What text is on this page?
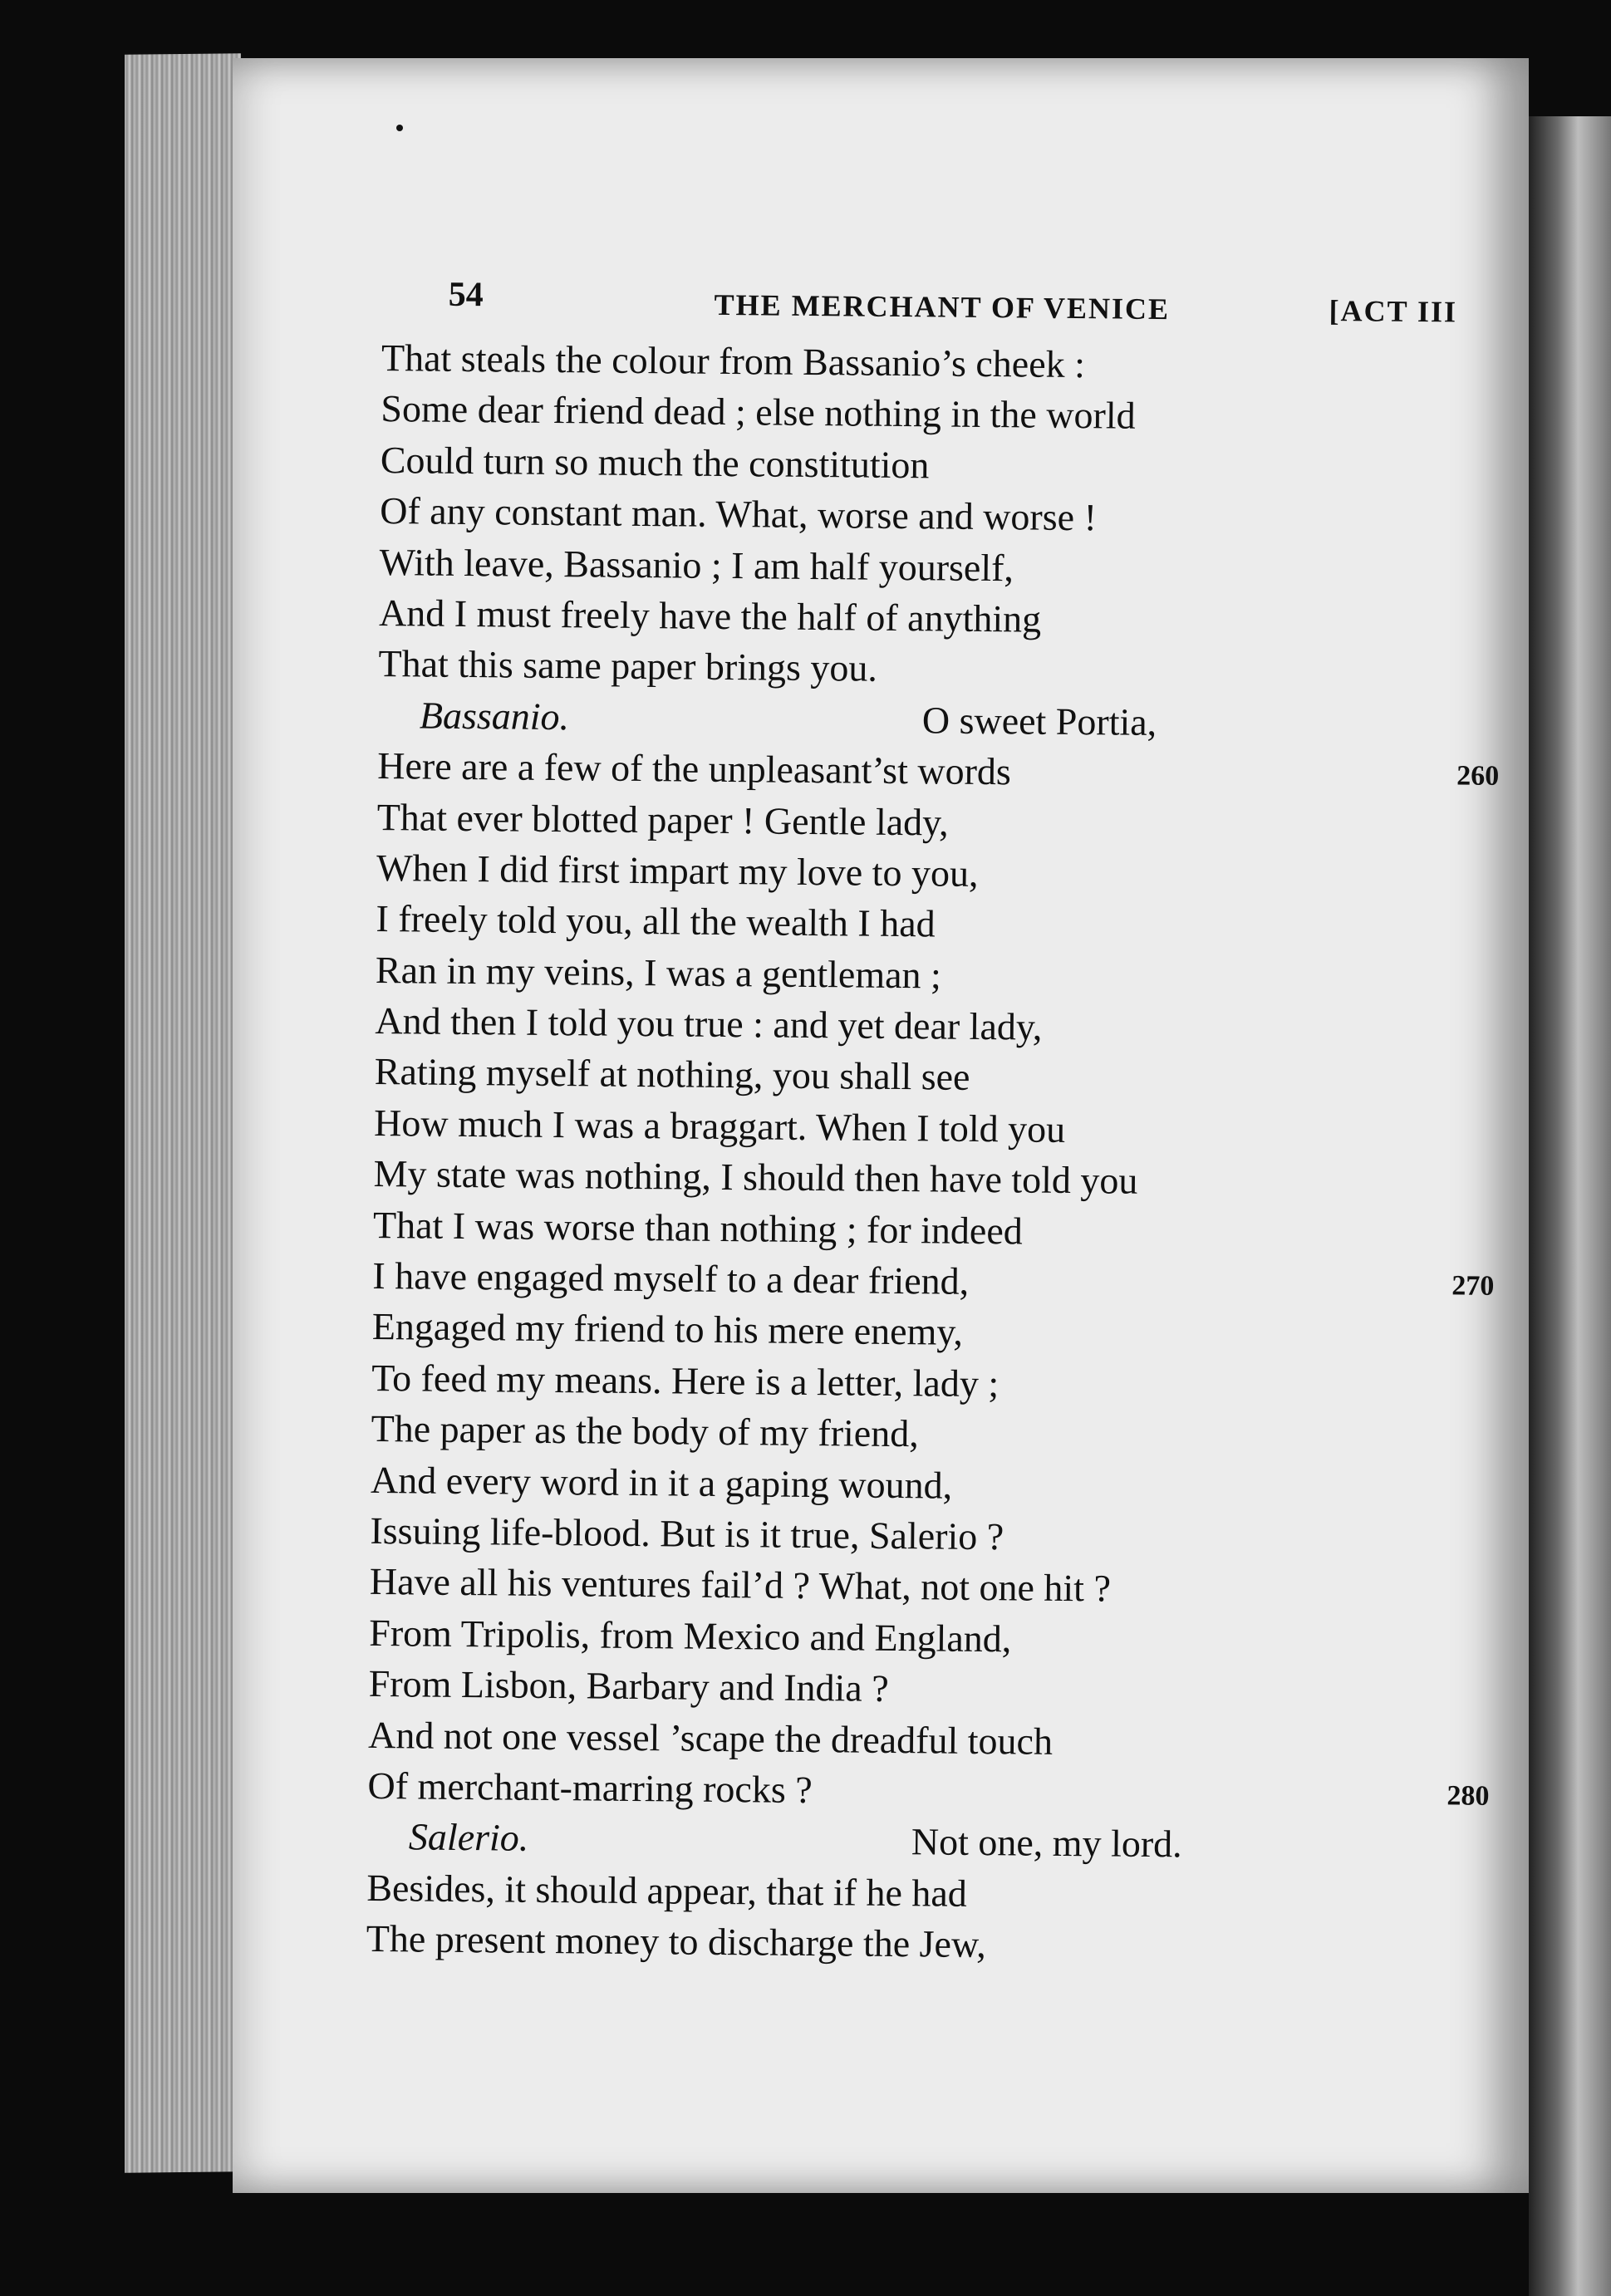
54	THE MERCHANT OF VENICE	[ACT III
That steals the colour from Bassanio’s cheek :
Some dear friend dead ; else nothing in the world
Could turn so much the constitution
Of any constant man. What, worse and worse !
With leave, Bassanio ; I am half yourself,
And I must freely have the half of anything
That this same paper brings you.
Bassanio.	O sweet Portia,
Here are a few of the unpleasant’st words	260
That ever blotted paper ! Gentle lady,
When I did first impart my love to you,
I freely told you, all the wealth I had
Ran in my veins, I was a gentleman ;
And then I told you true : and yet dear lady,
Rating myself at nothing, you shall see
How much I was a braggart. When I told you
My state was nothing, I should then have told you
That I was worse than nothing ; for indeed
I have engaged myself to a dear friend,	270
Engaged my friend to his mere enemy,
To feed my means. Here is a letter, lady ;
The paper as the body of my friend,
And every word in it a gaping wound,
Issuing life-blood. But is it true, Salerio ?
Have all his ventures fail’d ? What, not one hit ?
From Tripolis, from Mexico and England,
From Lisbon, Barbary and India ?
And not one vessel ’scape the dreadful touch
Of merchant-marring rocks ?	280
Salerio.	Not one, my lord.
Besides, it should appear, that if he had
The present money to discharge the Jew,
